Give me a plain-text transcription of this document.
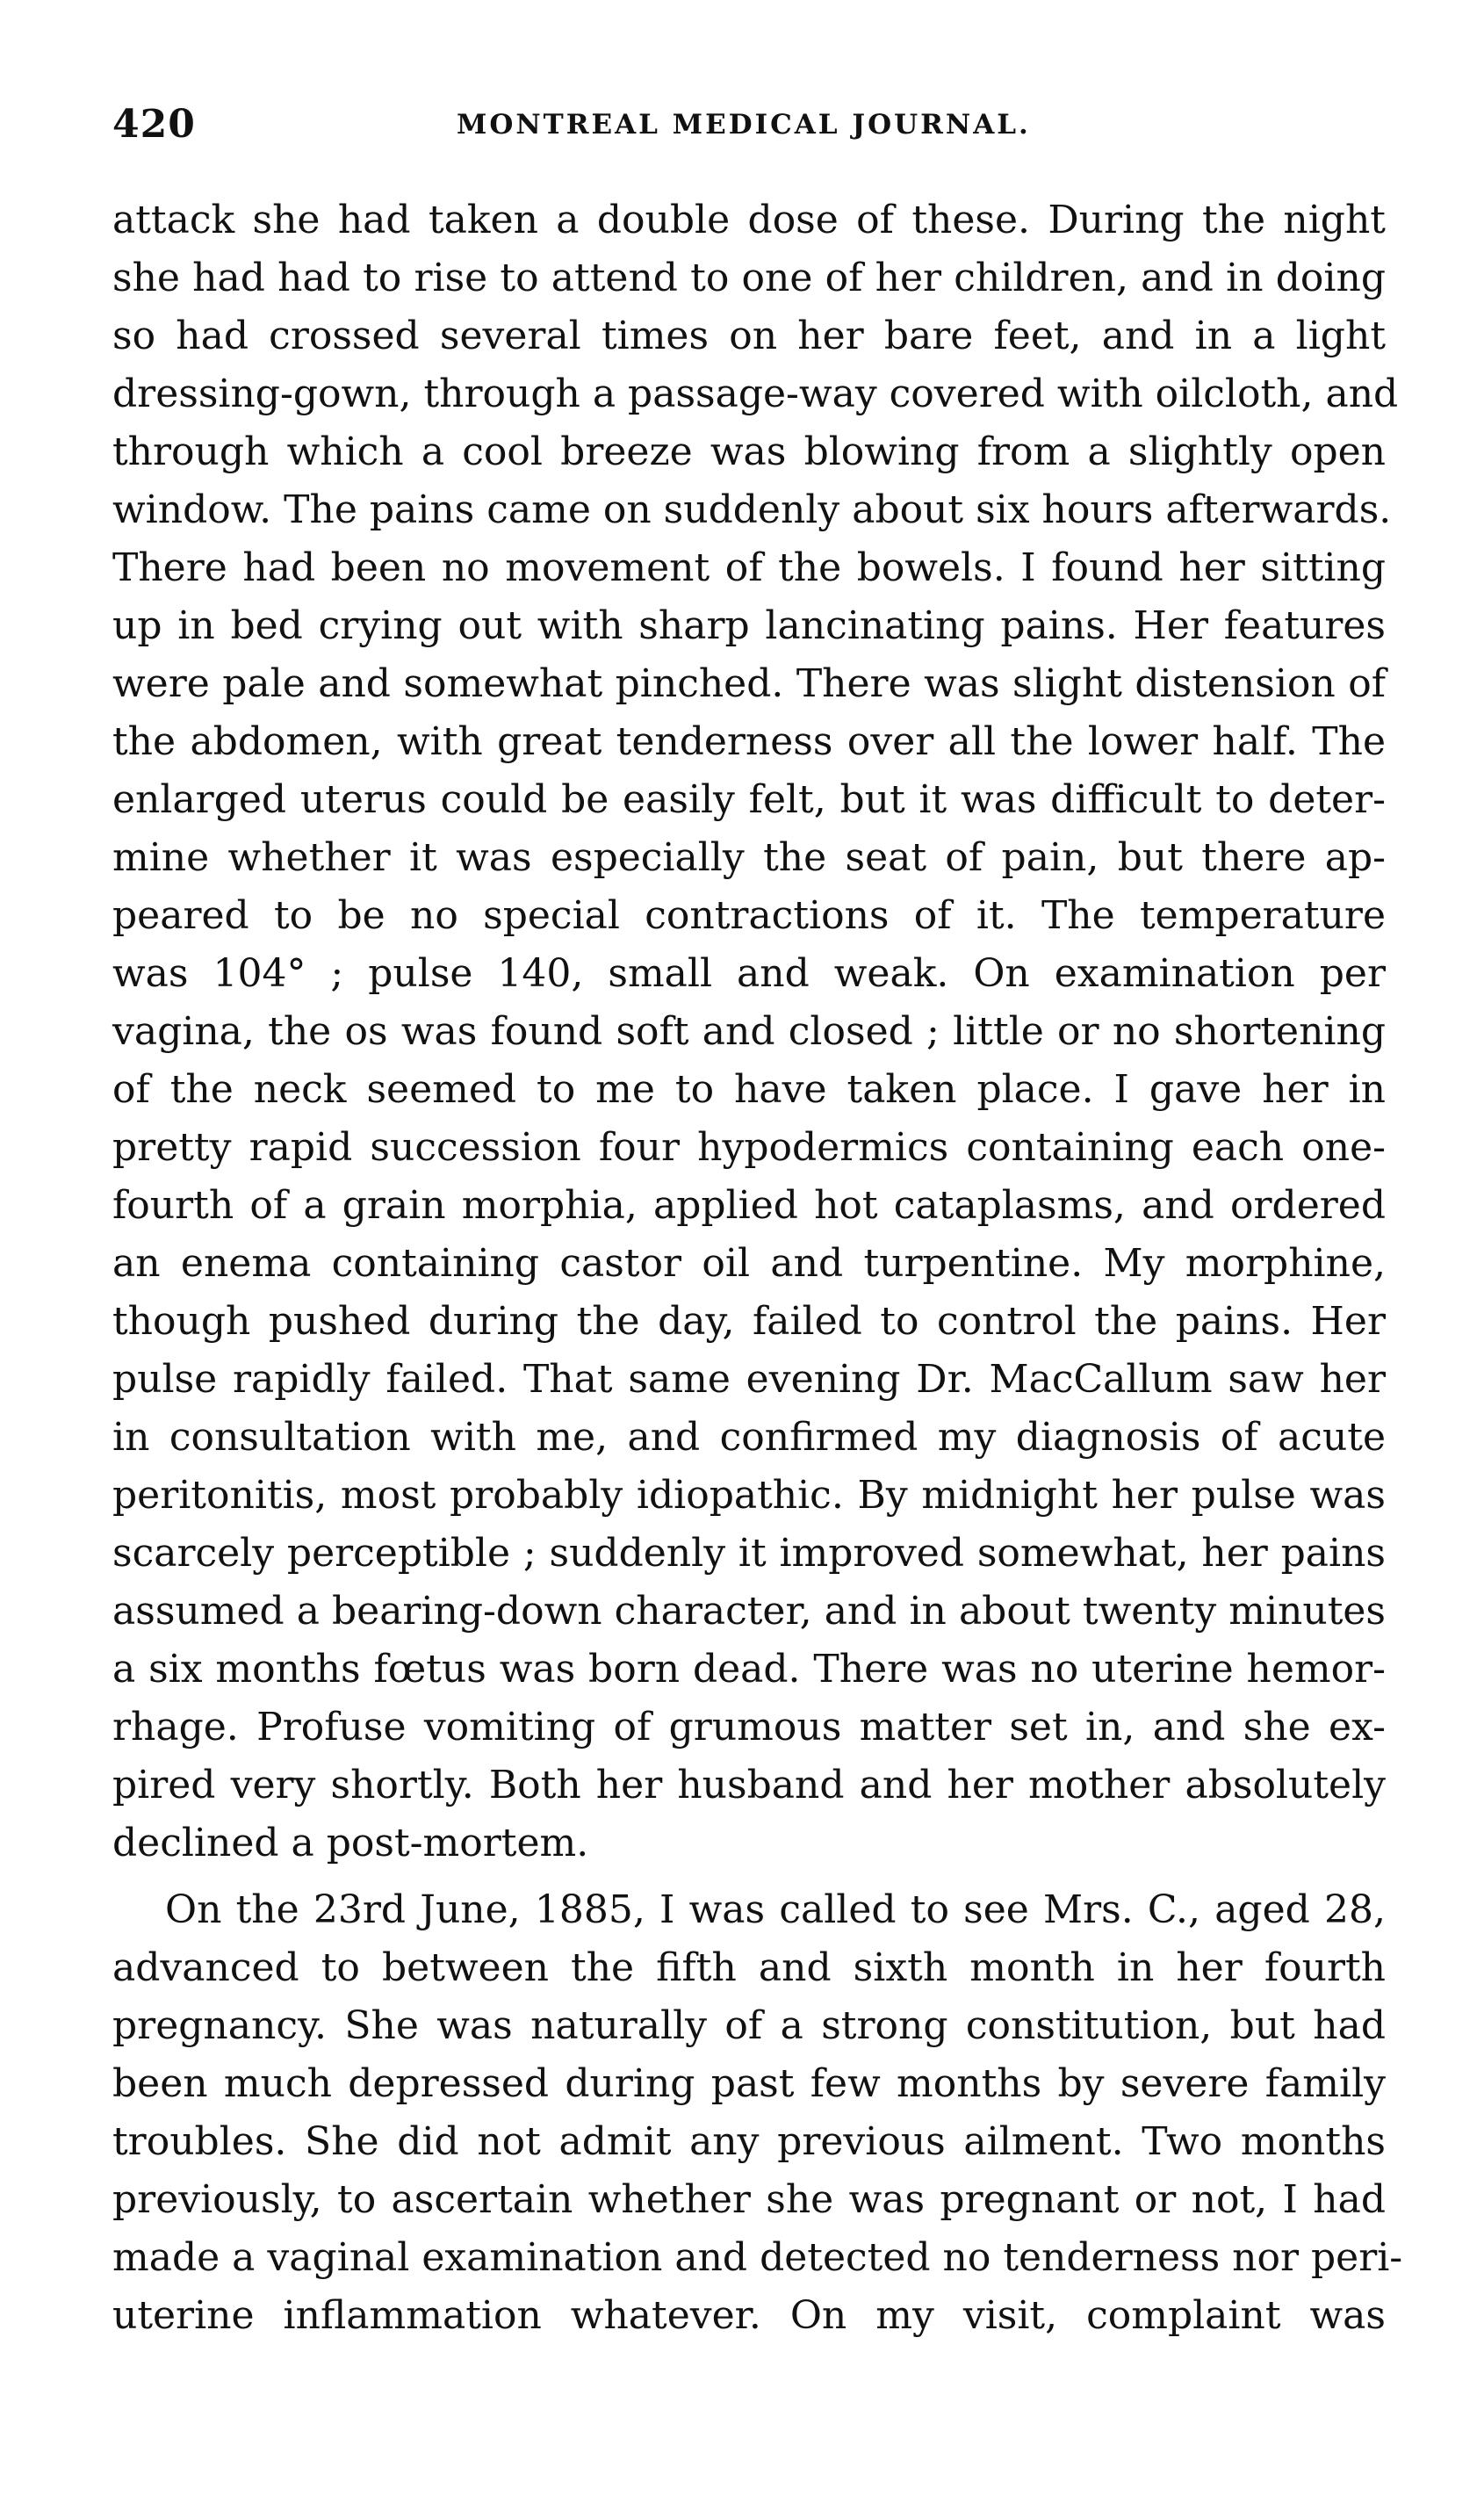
420	MONTREAL MEDICAL JOURNAL.
attack she had taken a double dose of these. During the night
she had had to rise to attend to one of her children, and in doing
so had crossed several times on her bare feet, and in a light
dressing-gown, through a passage-way covered with oilcloth, and
through which a cool breeze was blowing from a slightly open
window. The pains came on suddenly about six hours afterwards.
There had been no movement of the bowels. I found her sitting
up in bed crying out with sharp lancinating pains. Her features
were pale and somewhat pinched. There was slight distension of
the abdomen, with great tenderness over all the lower half. The
enlarged uterus could be easily felt, but it was difficult to deter-
mine whether it was especially the seat of pain, but there ap-
peared to be no special contractions of it. The temperature
was 104° ; pulse 140, small and weak. On examination per
vagina, the os was found soft and closed ; little or no shortening
of the neck seemed to me to have taken place. I gave her in
pretty rapid succession four hypodermics containing each one-
fourth of a grain morphia, applied hot cataplasms, and ordered
an enema containing castor oil and turpentine. My morphine,
though pushed during the day, failed to control the pains. Her
pulse rapidly failed. That same evening Dr. MacCallum saw her
in consultation with me, and confirmed my diagnosis of acute
peritonitis, most probably idiopathic. By midnight her pulse was
scarcely perceptible ; suddenly it improved somewhat, her pains
assumed a bearing-down character, and in about twenty minutes
a six months fœtus was born dead. There was no uterine hemor-
rhage. Profuse vomiting of grumous matter set in, and she ex-
pired very shortly. Both her husband and her mother absolutely
declined a post-mortem.
On the 23rd June, 1885, I was called to see Mrs. C., aged 28,
advanced to between the fifth and sixth month in her fourth
pregnancy. She was naturally of a strong constitution, but had
been much depressed during past few months by severe family
troubles. She did not admit any previous ailment. Two months
previously, to ascertain whether she was pregnant or not, I had
made a vaginal examination and detected no tenderness nor peri-
uterine inflammation whatever. On my visit, complaint was
